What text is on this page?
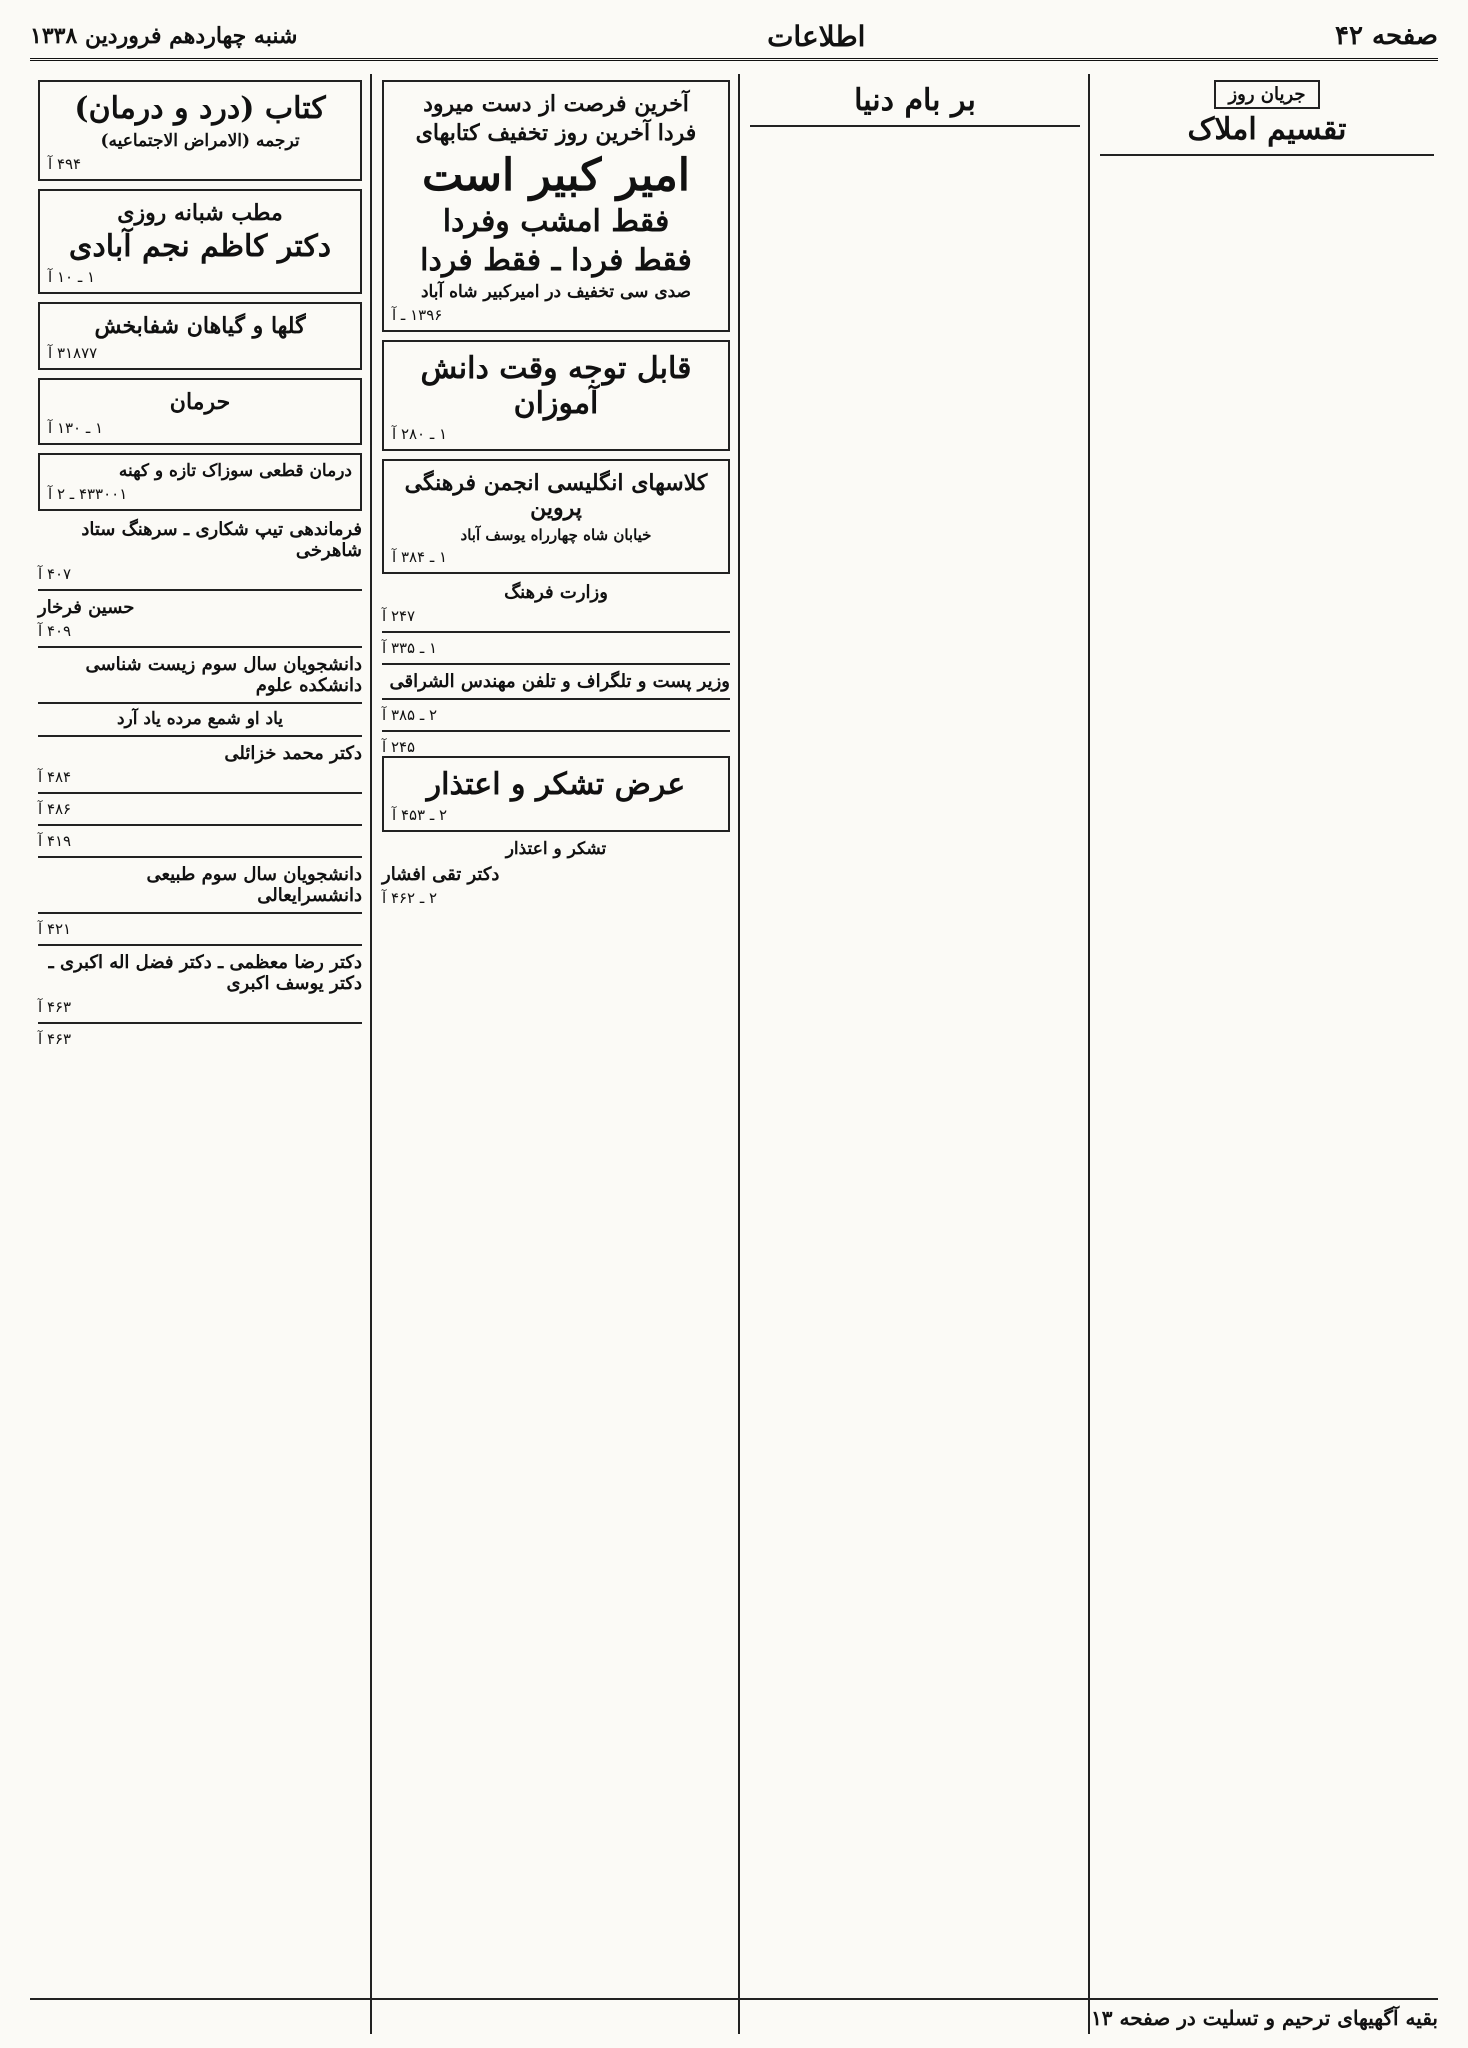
صفحه ۴۲
اطلاعات
شنبه چهاردهم فروردین ۱۳۳۸
جریان روز
تقسیم املاک
بر بام دنیا
آخرین فرصت از دست میرود
فردا آخرین روز تخفیف کتابهای
امیر کبیر است
فقط امشب وفردا
فقط فردا ـ فقط فردا
صدی سی تخفیف در امیرکبیر شاه آباد
۱۳۹۶ ـ آ
قابل توجه وقت دانش آموزان
۱ ـ ۲۸۰ آ
کلاسهای انگلیسی انجمن فرهنگی پروین
خیابان شاه چهارراه یوسف آباد
۱ ـ ۳۸۴ آ
وزارت فرهنگ
۲۴۷ آ
۱ ـ ۳۳۵ آ
وزیر پست و تلگراف و تلفن مهندس الشراقی
۲ ـ ۳۸۵ آ
۲۴۵ آ
عرض تشکر و اعتذار
۲ ـ ۴۵۳ آ
تشکر و اعتذار
دکتر تقی افشار
۲ ـ ۴۶۲ آ
کتاب (درد و درمان)
ترجمه (الامراض الاجتماعیه)
۴۹۴ آ
مطب شبانه روزی
دکتر کاظم نجم آبادی
۱ ـ ۱۰ آ
گلها و گیاهان شفابخش
۳۱۸۷۷ آ
حرمان
۱ ـ ۱۳۰ آ
درمان قطعی سوزاک تازه و کهنه
۴۳۳۰۰۱ ـ ۲ آ
فرماندهی تیپ شکاری ـ سرهنگ ستاد شاهرخی
۴۰۷ آ
حسین فرخار
۴۰۹ آ
دانشجویان سال سوم زیست شناسی دانشکده علوم
یاد او شمع مرده یاد آرد
دکتر محمد خزائلی
۴۸۴ آ
۴۸۶ آ
۴۱۹ آ
دانشجویان سال سوم طبیعی دانشسرایعالی
۴۲۱ آ
دکتر رضا معظمی ـ دکتر فضل اله اکبری ـ دکتر یوسف اکبری
۴۶۳ آ
۴۶۳ آ
بقیه آگهیهای ترحیم و تسلیت در صفحه ۱۳
